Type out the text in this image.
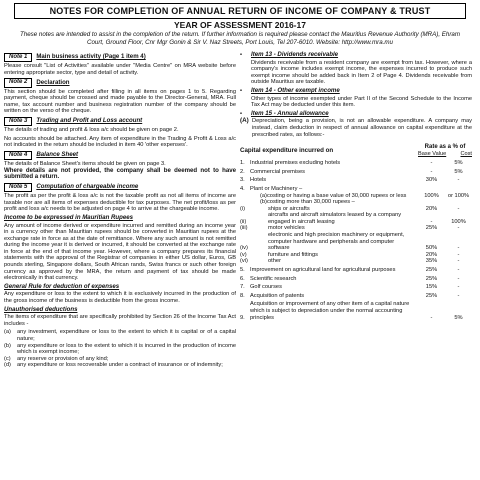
NOTES FOR COMPLETION OF ANNUAL RETURN OF INCOME OF COMPANY & TRUST
YEAR OF ASSESSMENT 2016-17
These notes are intended to assist in the completion of the return. If further information is required please contact the Mauritius Revenue Authority (MRA), Ehram Court, Ground Floor, Cnr Mgr Gonin & Sir V. Naz Streets, Port Louis, Tel 207-6010. Website: http://www.mra.mu
Note 1	Main business activity (Page 1 item 4)

Please consult "List of Activities" available under "Media Centre" on MRA website before entering appropriate sector, type and detail of activity.

Note 2	Declaration

This section should be completed after filling in all items on pages 1 to 5. Regarding payment, cheque should be crossed and made payable to the Director-General, MRA. Full name, tax account number and business registration number of the company should be written on the verso of the cheque.

Note 3	Trading and Profit and Loss account

The details of trading and profit & loss a/c should be given on page 2.

No accounts should be attached. Any item of expenditure in the Trading & Profit & Loss a/c not indicated in the return should be included in item 40 'other expenses'.

Note 4	Balance Sheet

The details of Balance Sheet's items should be given on page 3.

Where details are not provided, the company shall be deemed not to have submitted a return.

Note 5	Computation of chargeable income

The profit as per the profit & loss a/c is not the taxable profit as not all items of income are taxable nor are all items of expenses deductible for tax purposes. The net profit/loss as per profit and loss a/c needs to be adjusted on page 4 to arrive at the chargeable income.

Income to be expressed in Mauritian Rupees

Any amount of income derived or expenditure incurred and remitted during an income year in a currency other than Mauritian rupees should be converted in Mauritian rupees at the exchange rate in force as at the date of remittance. Where any such amount is not remitted during the income year it is derived or incurred, it should be converted at the exchange rate in force at the end of that income year. However, where a company prepares its financial statements with the approval of the Registrar of companies in either US dollar, Euros, GB pounds sterling, Singapore dollars, South African rands, Swiss francs or such other foreign currency as approved by the MRA, the return and payment of tax should be made electronically in that currency.

General Rule for deduction of expenses

Any expenditure or loss to the extent to which it is exclusively incurred in the production of the gross income of the business is deductible from the gross income.

Unauthorised deductions

The items of expenditure that are specifically prohibited by Section 26 of the Income Tax Act includes -

(a)	any investment, expenditure or loss to the extent to which it is capital or of a capital nature;
(b)	any expenditure or loss to the extent to which it is incurred in the production of income which is exempt income;
(c)	any reserve or provision of any kind;
(d)	any expenditure or loss recoverable under a contract of insurance or of indemnity;
•	Item 13 - Dividends receivable

Dividends receivable from a resident company are exempt from tax. However, where a company's income includes exempt income, the expenses incurred to produce such exempt income should be added back in Item 2 of Page 4. Dividends receivable from outside Mauritius are taxable.

•	Item 14 - Other exempt income

Other types of income exempted under Part II of the Second Schedule to the Income Tax Act may be deducted under this item.

•	Item 15 - Annual allowance
(A) Depreciation, being a provision, is not an allowable expenditure. A company may instead, claim deduction in respect of annual allowance on capital expenditure at the prescribed rates, as follows:-

Capital expenditure incurred on	Rate as a % of
Base Value	Cost
1. Industrial premises excluding hotels	-	5%
2. Commercial premises	-	5%
3. Hotels	30%	-
4. Plant or Machinery –
(a)costing or having a base value of 30,000 rupees or less	100%	or 100%
(b)costing more than 30,000 rupees –
(i)	ships or aircrafts	20%	-
(ii)
aircrafts and aircraft simulators leased by a company engaged in aircraft leasing	-	100%
(iii)	motor vehicles	25%	-
(iv)
electronic and high precision machinery or equipment, computer hardware and peripherals and computer software	50%	-
(v)	furniture and fittings	20%	-
(vi)	other	35%	-
5. Improvement on agricultural land for agricultural purposes	25%	-
6. Scientific research	25%	-
7. Golf courses	15%	-
8. Acquisition of patents	25%	-
9.
Acquisition or improvement of any other item of a capital nature which is subject to depreciation under the normal accounting principles	-	5%
